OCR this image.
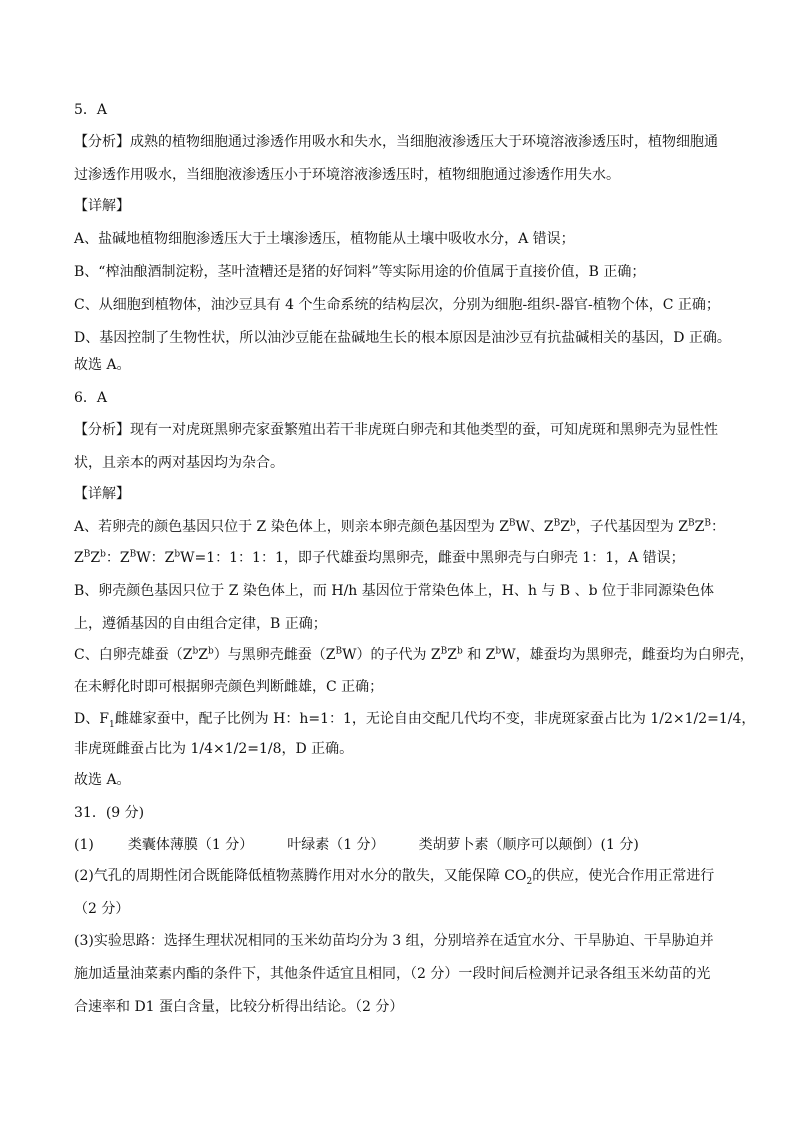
5．A
【分析】成熟的植物细胞通过渗透作用吸水和失水，当细胞液渗透压大于环境溶液渗透压时，植物细胞通过渗透作用吸水，当细胞液渗透压小于环境溶液渗透压时，植物细胞通过渗透作用失水。
【详解】
A、盐碱地植物细胞渗透压大于土壤渗透压，植物能从土壤中吸收水分，A 错误；
B、“榨油酿酒制淀粉，茎叶渣糟还是猪的好饲料”等实际用途的价值属于直接价值，B 正确；
C、从细胞到植物体，油沙豆具有 4 个生命系统的结构层次，分别为细胞-组织-器官-植物个体，C 正确；
D、基因控制了生物性状，所以油沙豆能在盐碱地生长的根本原因是油沙豆有抗盐碱相关的基因，D 正确。
故选 A。
6．A
【分析】现有一对虎斑黑卵壳家蚕繁殖出若干非虎斑白卵壳和其他类型的蚕，可知虎斑和黑卵壳为显性性状，且亲本的两对基因均为杂合。
【详解】
A、若卵壳的颜色基因只位于 Z 染色体上，则亲本卵壳颜色基因型为 $Z^BW$、$Z^BZ^b$，子代基因型为 $Z^BZ^B$：
$Z^BZ^b$：$Z^BW$：$Z^bW=1$：1：1：1，即子代雄蚕均黑卵壳，雌蚕中黑卵壳与白卵壳 1：1，A 错误；
B、卵壳颜色基因只位于 Z 染色体上，而 H/h 基因位于常染色体上，H、h 与 B 、b 位于非同源染色体上，遵循基因的自由组合定律，B 正确；
C、白卵壳雄蚕$(Z^bZ^b)$与黑卵壳雌蚕$(Z^BW)$的子代为 $Z^BZ^b$ 和 $Z^bW$，雄蚕均为黑卵壳，雌蚕均为白卵壳，
在未孵化时即可根据卵壳颜色判断雌雄，C 正确；
D、$F_1$雌雄家蚕中，配子比例为 H：h=1：1，无论自由交配几代均不变，非虎斑家蚕占比为 1/2×1/2=1/4，
非虎斑雌蚕占比为 1/4×1/2=1/8，D 正确。
故选 A。
31．(9 分)
(1) 类囊体薄膜（1 分） 叶绿素（1 分） 类胡萝卜素（顺序可以颠倒）(1 分)
(2)气孔的周期性闭合既能降低植物蒸腾作用对水分的散失，又能保障 $CO_2$的供应，使光合作用正常进行（2 分）
(3)实验思路：选择生理状况相同的玉米幼苗均分为 3 组，分别培养在适宜水分、干旱胁迫、干旱胁迫并施加适量油菜素内酯的条件下，其他条件适宜且相同，（2 分）一段时间后检测并记录各组玉米幼苗的光合速率和 D1 蛋白含量，比较分析得出结论。（2 分）
